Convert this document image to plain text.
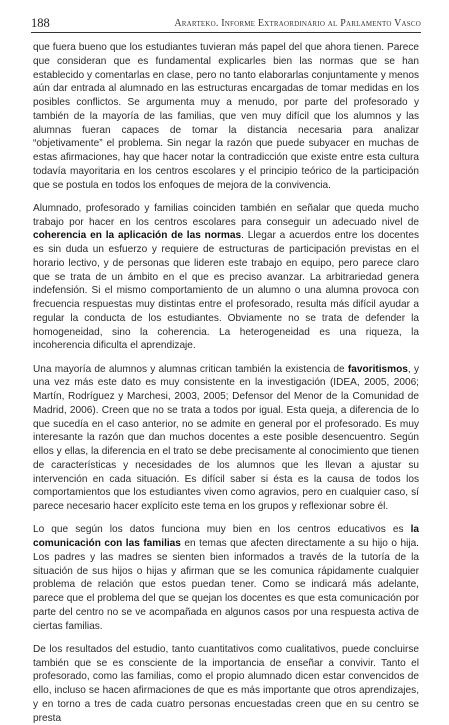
188	Ararteko. Informe Extraordinario al Parlamento Vasco

que fuera bueno que los estudiantes tuvieran más papel del que ahora tienen. Parece que consideran que es fundamental explicarles bien las normas que se han establecido y comentarlas en clase, pero no tanto elaborarlas conjuntamente y menos aún dar entrada al alumnado en las estructuras encargadas de tomar medidas en los posibles conflictos. Se argumenta muy a menudo, por parte del profesorado y también de la mayoría de las familias, que ven muy difícil que los alumnos y las alumnas fueran capaces de tomar la distancia necesaria para analizar “objetivamente” el problema. Sin negar la razón que puede subyacer en muchas de estas afirmaciones, hay que hacer notar la contradicción que existe entre esta cultura todavía mayoritaria en los centros escolares y el principio teórico de la participación que se postula en todos los enfoques de mejora de la convivencia.

Alumnado, profesorado y familias coinciden también en señalar que queda mucho trabajo por hacer en los centros escolares para conseguir un adecuado nivel de coherencia en la aplicación de las normas. Llegar a acuerdos entre los docentes es sin duda un esfuerzo y requiere de estructuras de participación previstas en el horario lectivo, y de personas que lideren este trabajo en equipo, pero parece claro que se trata de un ámbito en el que es preciso avanzar. La arbitrariedad genera indefensión. Si el mismo comportamiento de un alumno o una alumna provoca con frecuencia respuestas muy distintas entre el profesorado, resulta más difícil ayudar a regular la conducta de los estudiantes. Obviamente no se trata de defender la homogeneidad, sino la coherencia. La heterogeneidad es una riqueza, la incoherencia dificulta el aprendizaje.

Una mayoría de alumnos y alumnas critican también la existencia de favoritismos, y una vez más este dato es muy consistente en la investigación (IDEA, 2005, 2006; Martín, Rodríguez y Marchesi, 2003, 2005; Defensor del Menor de la Comunidad de Madrid, 2006). Creen que no se trata a todos por igual. Esta queja, a diferencia de lo que sucedía en el caso anterior, no se admite en general por el profesorado. Es muy interesante la razón que dan muchos docentes a este posible desencuentro. Según ellos y ellas, la diferencia en el trato se debe precisamente al conocimiento que tienen de características y necesidades de los alumnos que les llevan a ajustar su intervención en cada situación. Es difícil saber si ésta es la causa de todos los comportamientos que los estudiantes viven como agravios, pero en cualquier caso, sí parece necesario hacer explícito este tema en los grupos y reflexionar sobre él.

Lo que según los datos funciona muy bien en los centros educativos es la comunicación con las familias en temas que afecten directamente a su hijo o hija. Los padres y las madres se sienten bien informados a través de la tutoría de la situación de sus hijos o hijas y afirman que se les comunica rápidamente cualquier problema de relación que estos puedan tener. Como se indicará más adelante, parece que el problema del que se quejan los docentes es que esta comunicación por parte del centro no se ve acompañada en algunos casos por una respuesta activa de ciertas familias.

De los resultados del estudio, tanto cuantitativos como cualitativos, puede concluirse también que se es consciente de la importancia de enseñar a convivir. Tanto el profesorado, como las familias, como el propio alumnado dicen estar convencidos de ello, incluso se hacen afirmaciones de que es más importante que otros aprendizajes, y en torno a tres de cada cuatro personas encuestadas creen que en su centro se presta
